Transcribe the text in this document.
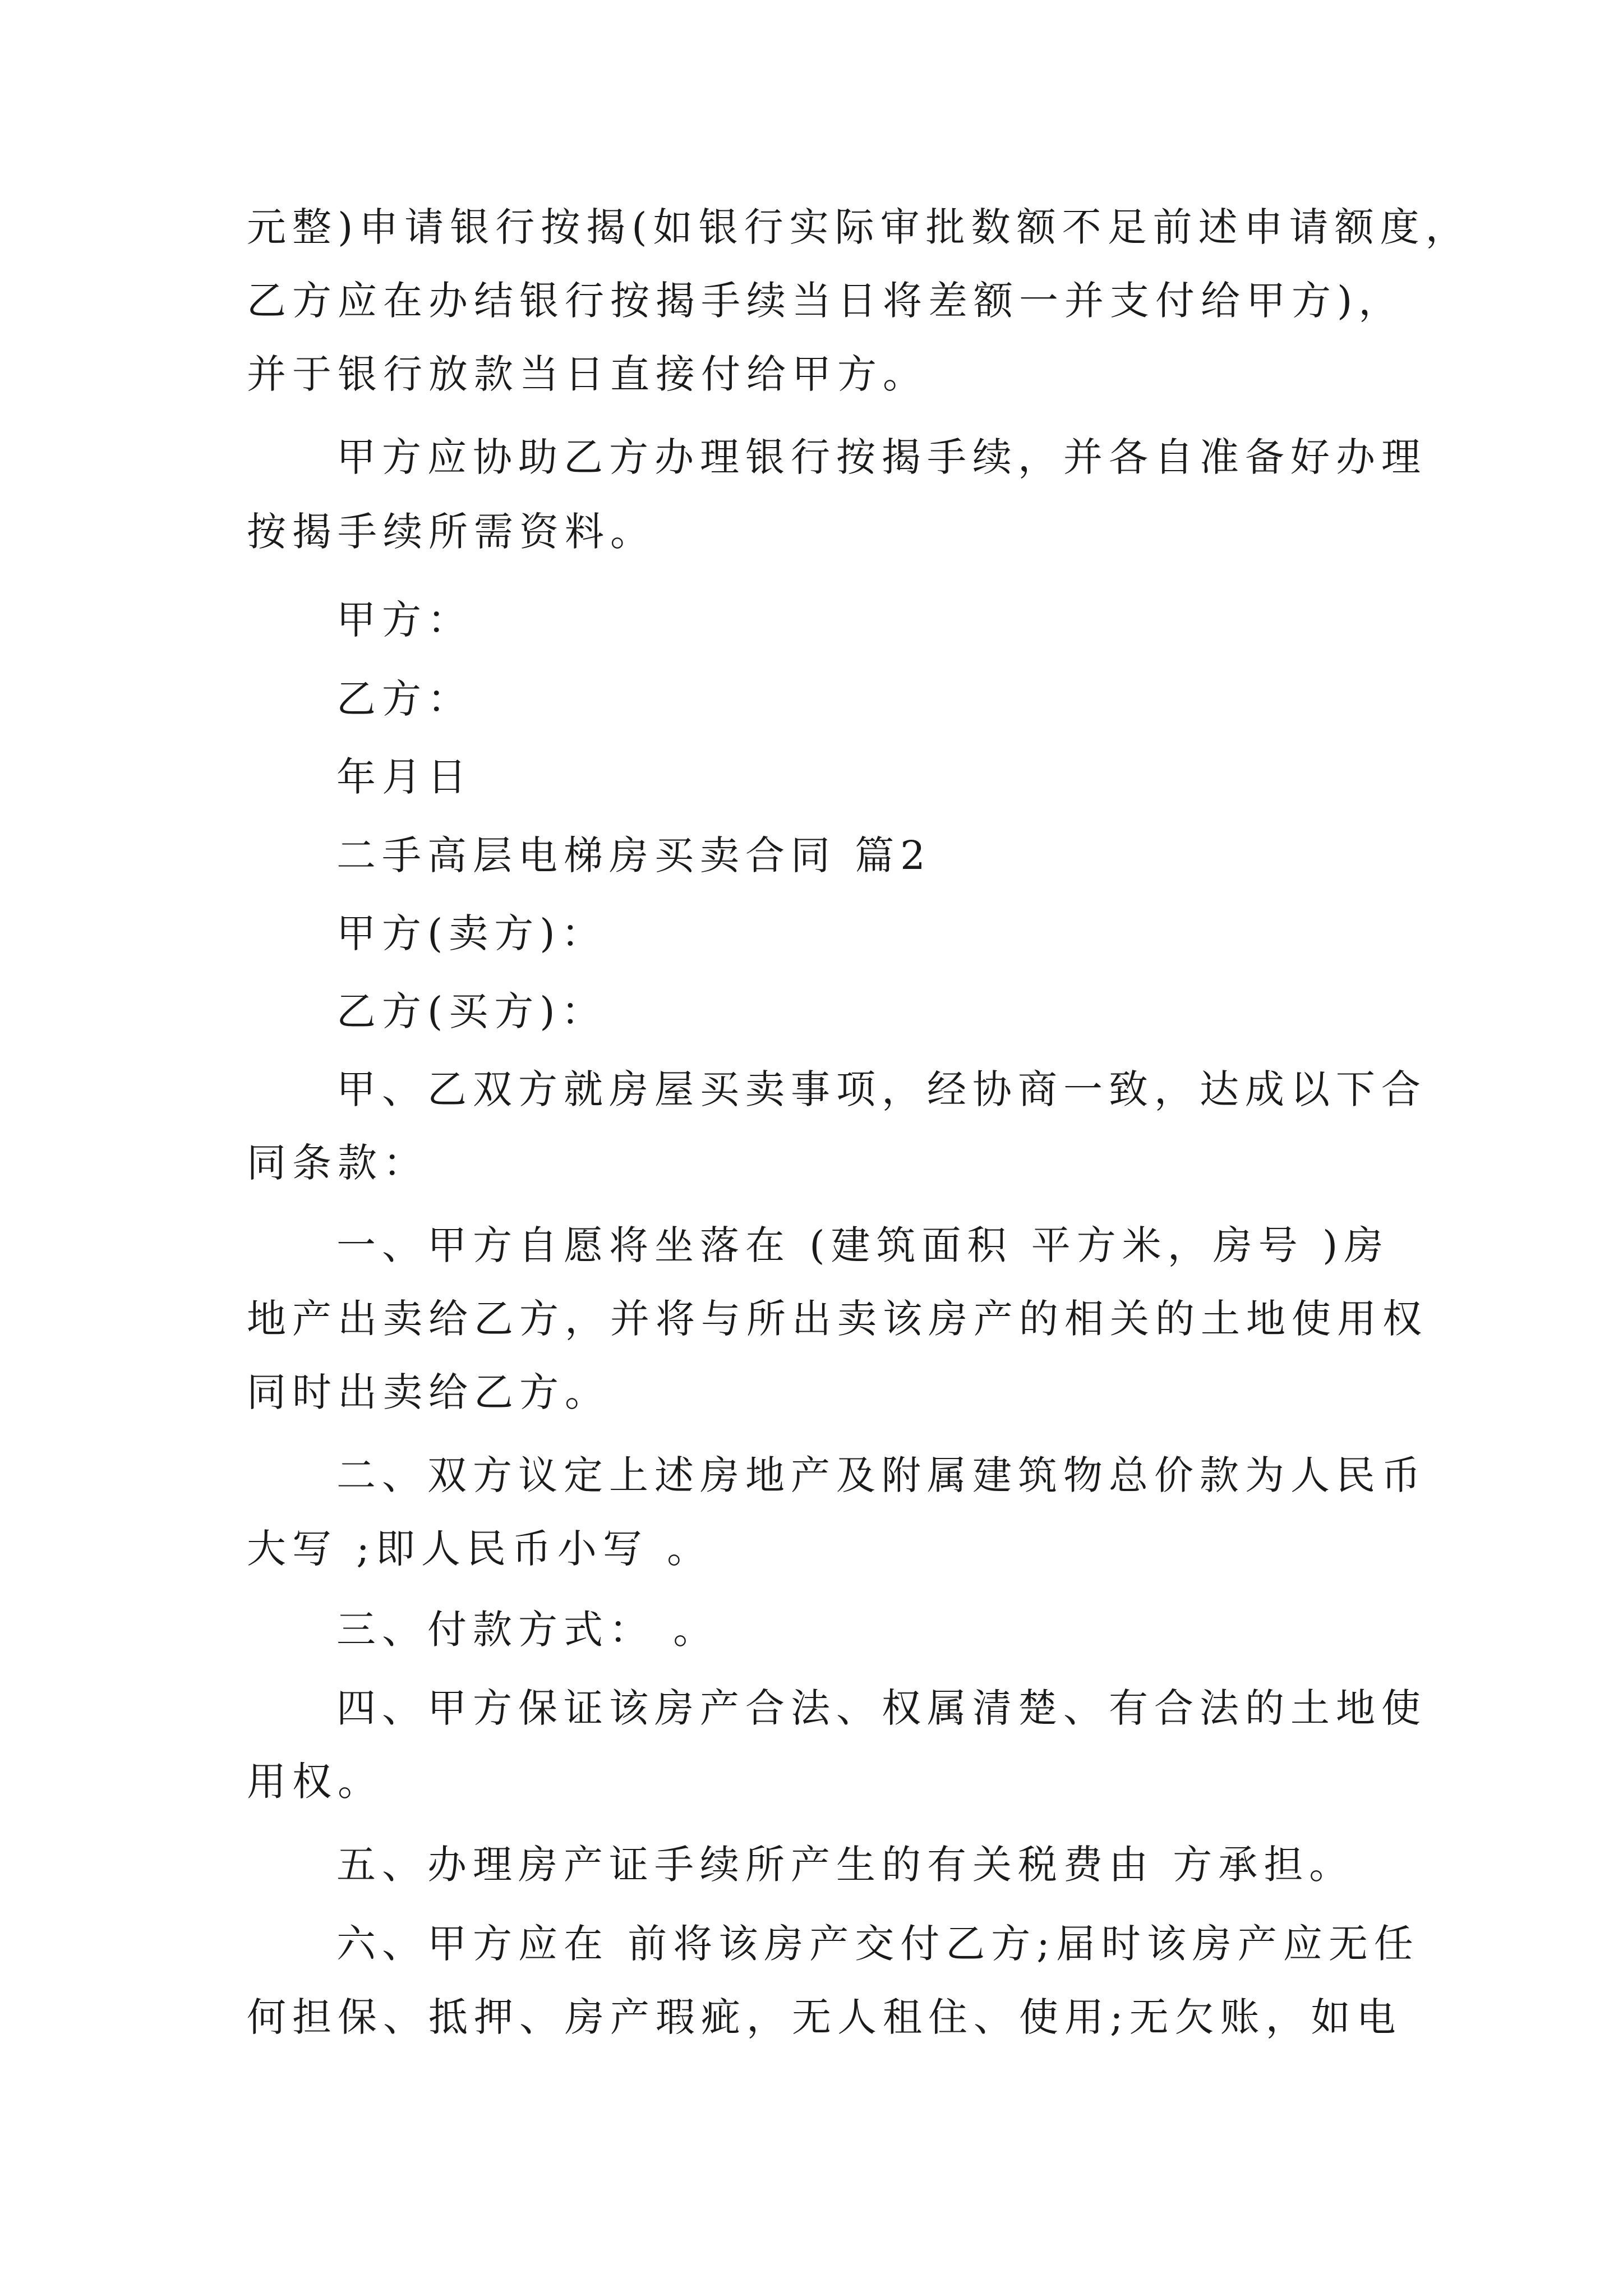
元整)申请银行按揭(如银行实际审批数额不足前述申请额度，
乙方应在办结银行按揭手续当日将差额一并支付给甲方)，
并于银行放款当日直接付给甲方。
甲方应协助乙方办理银行按揭手续，并各自准备好办理
按揭手续所需资料。
甲方：
乙方：
年月日
二手高层电梯房买卖合同 篇2
甲方(卖方)：
乙方(买方)：
甲、乙双方就房屋买卖事项，经协商一致，达成以下合
同条款：
一、甲方自愿将坐落在 (建筑面积 平方米，房号 )房
地产出卖给乙方，并将与所出卖该房产的相关的土地使用权
同时出卖给乙方。
二、双方议定上述房地产及附属建筑物总价款为人民币
大写 ;即人民币小写 。
三、付款方式： 。
四、甲方保证该房产合法、权属清楚、有合法的土地使
用权。
五、办理房产证手续所产生的有关税费由 方承担。
六、甲方应在 前将该房产交付乙方;届时该房产应无任
何担保、抵押、房产瑕疵，无人租住、使用;无欠账，如电
